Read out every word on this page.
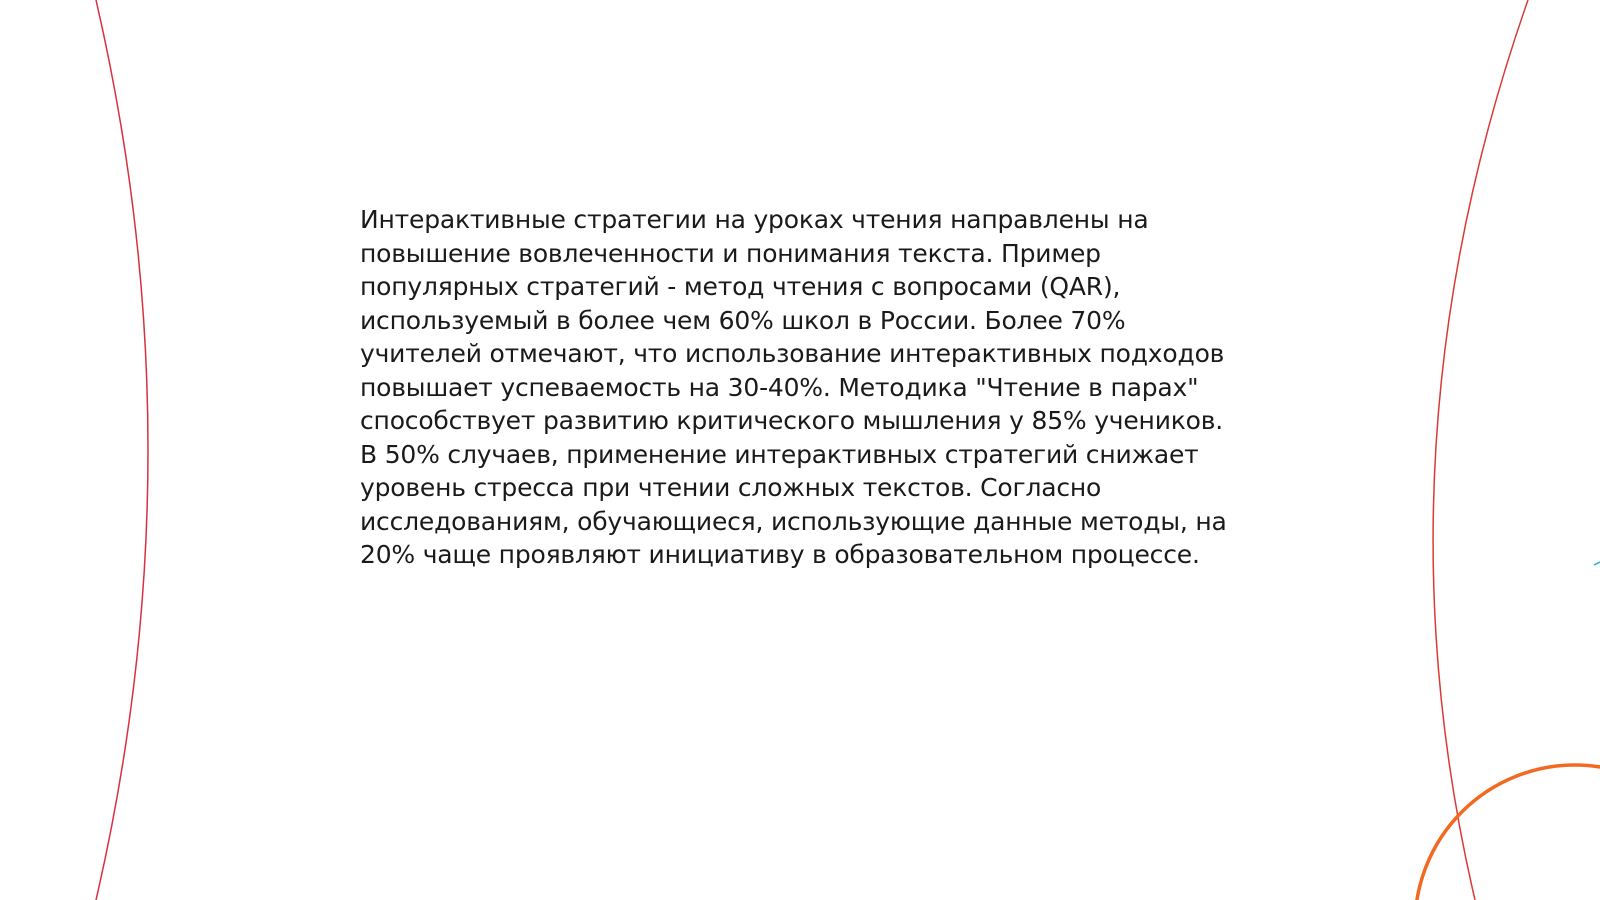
Интерактивные стратегии на уроках чтения направлены на повышение вовлеченности и понимания текста. Пример популярных стратегий - метод чтения с вопросами (QAR), используемый в более чем 60% школ в России. Более 70% учителей отмечают, что использование интерактивных подходов повышает успеваемость на 30-40%. Методика "Чтение в парах" способствует развитию критического мышления у 85% учеников. В 50% случаев, применение интерактивных стратегий снижает уровень стресса при чтении сложных текстов. Согласно исследованиям, обучающиеся, использующие данные методы, на 20% чаще проявляют инициативу в образовательном процессе.
